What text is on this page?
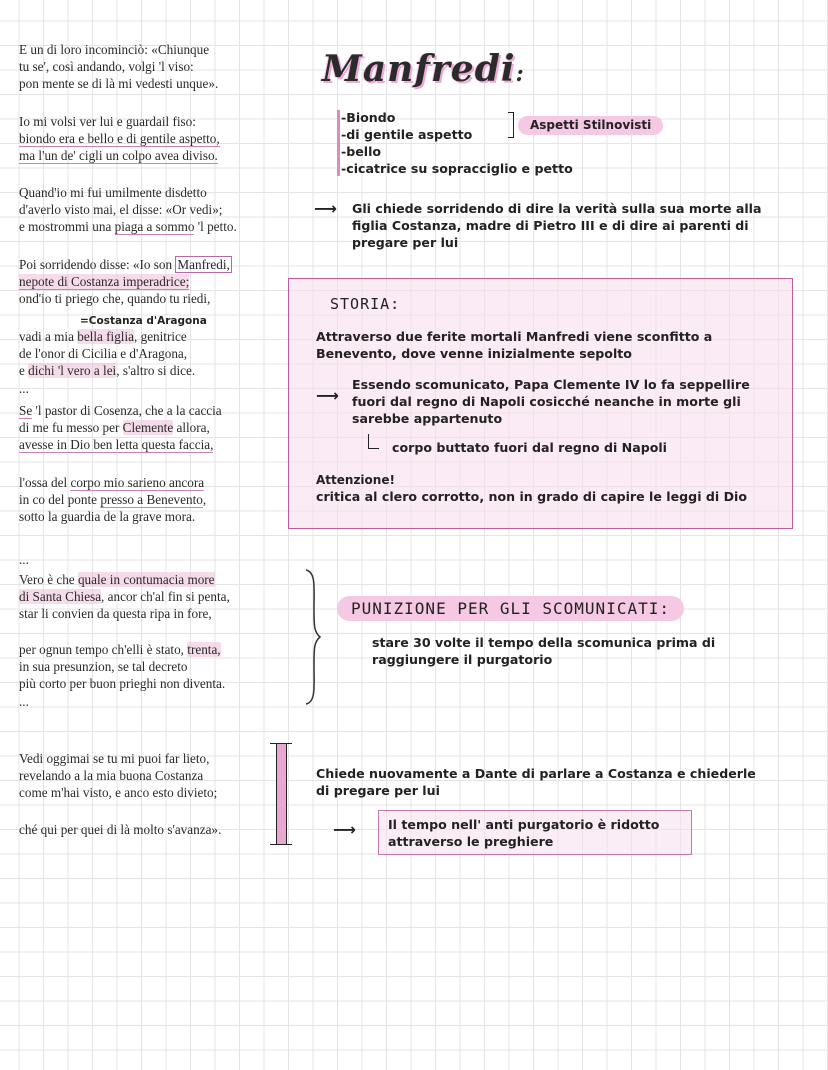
E un di loro incominciò: «Chiunque
tu se', così andando, volgi 'l viso:
pon mente se di là mi vedesti unque».
Io mi volsi ver lui e guardail fiso:
biondo era e bello e di gentile aspetto,
ma l'un de' cigli un colpo avea diviso.
Quand'io mi fui umilmente disdetto
d'averlo visto mai, el disse: «Or vedi»;
e mostrommi una piaga a sommo 'l petto.
Poi sorridendo disse: «Io son Manfredi,
nepote di Costanza imperadrice;
ond'io ti priego che, quando tu riedi,
=Costanza d'Aragona
vadi a mia bella figlia, genitrice
de l'onor di Cicilia e d'Aragona,
e dichi 'l vero a lei, s'altro si dice.
...
Se 'l pastor di Cosenza, che a la caccia
di me fu messo per Clemente allora,
avesse in Dio ben letta questa faccia,
l'ossa del corpo mio sarieno ancora
in co del ponte presso a Benevento,
sotto la guardia de la grave mora.
...
Vero è che quale in contumacia more
di Santa Chiesa, ancor ch'al fin si penta,
star li convien da questa ripa in fore,
per ognun tempo ch'elli è stato, trenta,
in sua presunzion, se tal decreto
più corto per buon prieghi non diventa.
...
Vedi oggimai se tu mi puoi far lieto,
revelando a la mia buona Costanza
come m'hai visto, e anco esto divieto;
ché qui per quei di là molto s'avanza».
Manfredi:
-Biondo
-di gentile aspetto
-bello
-cicatrice su sopracciglio e petto
Aspetti Stilnovisti
⟶ Gli chiede sorridendo di dire la verità sulla sua morte alla
figlia Costanza, madre di Pietro III e di dire ai parenti di
pregare per lui
STORIA:
Attraverso due ferite mortali Manfredi viene sconfitto a
Benevento, dove venne inizialmente sepolto
⟶
Essendo scomunicato, Papa Clemente IV lo fa seppellire
fuori dal regno di Napoli cosicché neanche in morte gli
sarebbe appartenuto
corpo buttato fuori dal regno di Napoli
Attenzione!
critica al clero corrotto, non in grado di capire le leggi di Dio
PUNIZIONE PER GLI SCOMUNICATI:
stare 30 volte il tempo della scomunica prima di
raggiungere il purgatorio
Chiede nuovamente a Dante di parlare a Costanza e chiederle
di pregare per lui
⟶	Il tempo nell' anti purgatorio è ridotto
attraverso le preghiere
